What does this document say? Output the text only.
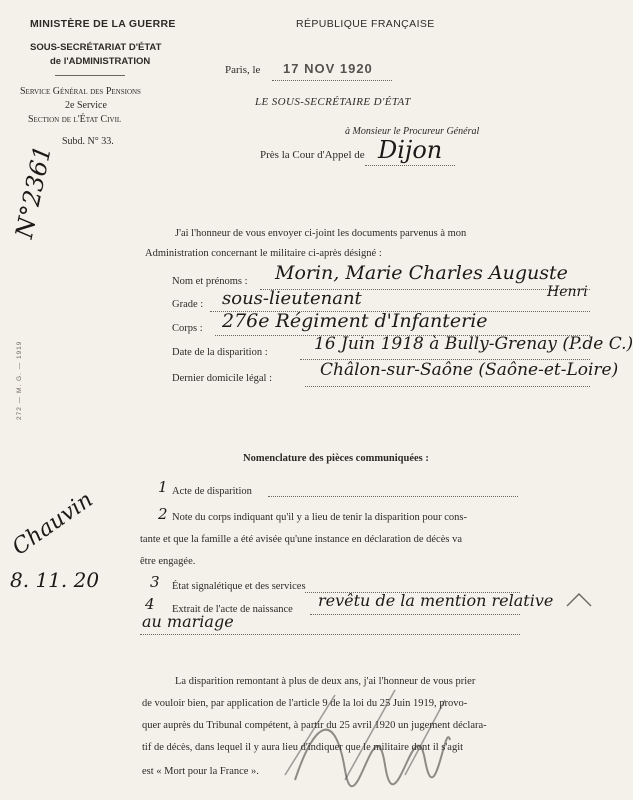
MINISTÈRE DE LA GUERRE
SOUS-SECRÉTARIAT D'ÉTAT
de l'ADMINISTRATION
Service Général des Pensions
2e Service
Section de l'État Civil
Subd. N° 33.
RÉPUBLIQUE FRANÇAISE
Paris, le 17 NOV 1920
LE SOUS-SECRÉTAIRE D'ÉTAT
à Monsieur le Procureur Général
Près la Cour d'Appel de Dijon
N°2361
272 — M. G. — 1919
Chauvin
8. 11. 20
J'ai l'honneur de vous envoyer ci-joint les documents parvenus à mon
Administration concernant le militaire ci-après désigné :
Nom et prénoms : Morin, Marie Charles Auguste
Grade : sous-lieutenant	Henri
Corps : 276e Régiment d'Infanterie
Date de la disparition :	16 Juin 1918 à Bully-Grenay (P.de C.)
Dernier domicile légal :	Châlon-sur-Saône (Saône-et-Loire)
Nomenclature des pièces communiquées :
1 Acte de disparition
2 Note du corps indiquant qu'il y a lieu de tenir la disparition pour cons-
tante et que la famille a été avisée qu'une instance en déclaration de décès va
être engagée.
3 État signalétique et des services
4 Extrait de l'acte de naissance revêtu de la mention relative
au mariage
La disparition remontant à plus de deux ans, j'ai l'honneur de vous prier
de vouloir bien, par application de l'article 9 de la loi du 25 Juin 1919, provo-
quer auprès du Tribunal compétent, à partir du 25 avril 1920 un jugement déclara-
tif de décès, dans lequel il y aura lieu d'indiquer que le militaire dont il s'agit
est « Mort pour la France ».
